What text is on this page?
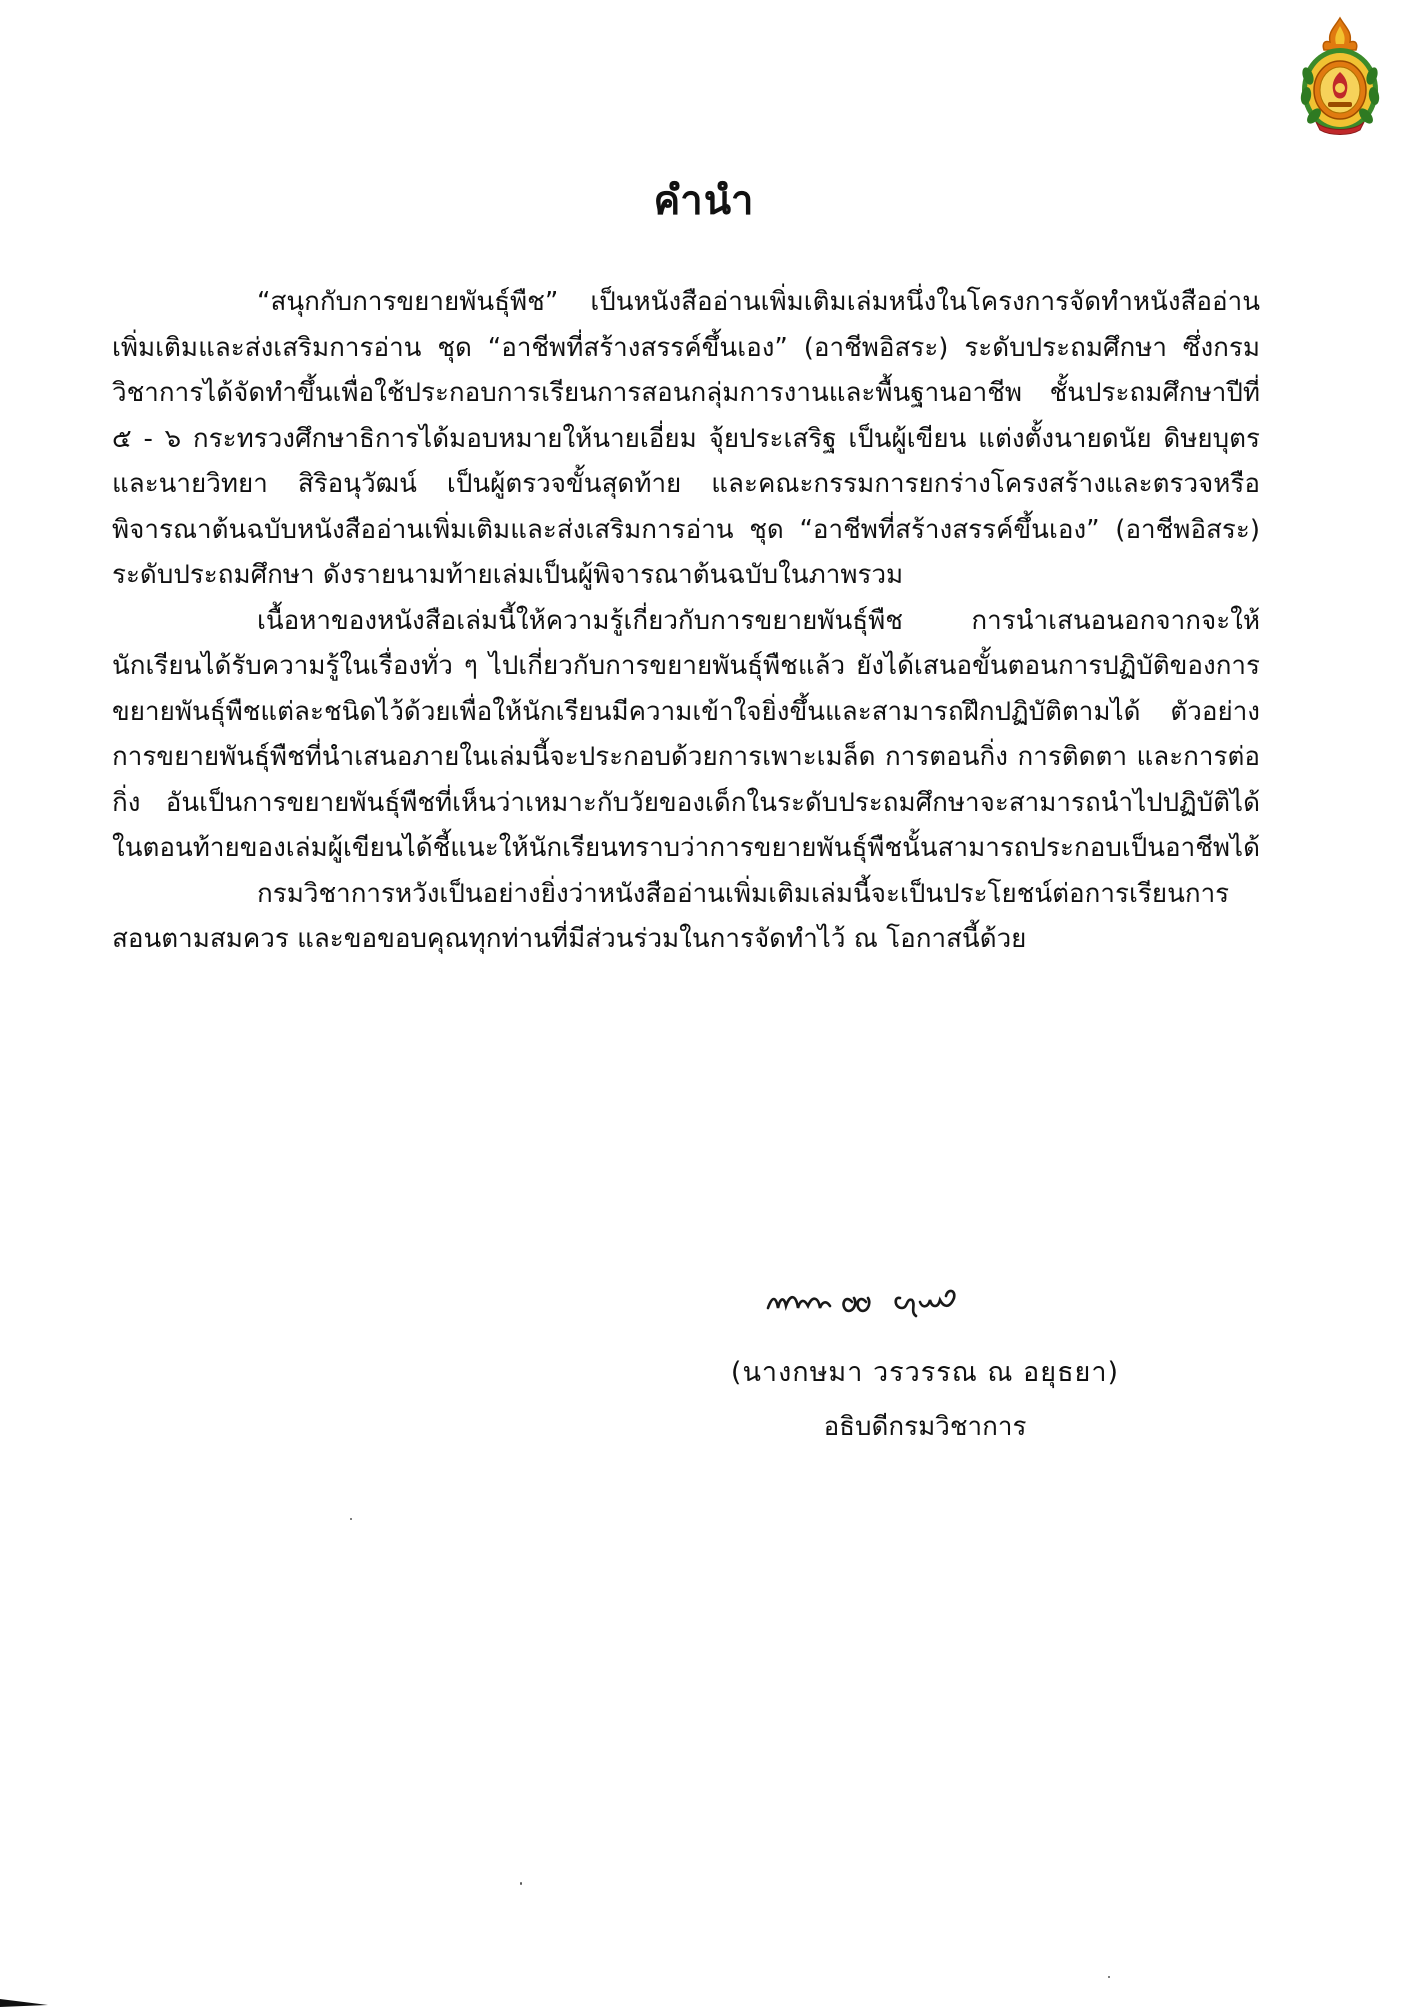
คำนำ

“สนุกกับการขยายพันธุ์พืช” เป็นหนังสืออ่านเพิ่มเติมเล่มหนึ่งในโครงการจัดทำหนังสืออ่านเพิ่มเติมและส่งเสริมการอ่าน ชุด “อาชีพที่สร้างสรรค์ขึ้นเอง” (อาชีพอิสระ) ระดับประถมศึกษา ซึ่งกรมวิชาการได้จัดทำขึ้นเพื่อใช้ประกอบการเรียนการสอนกลุ่มการงานและพื้นฐานอาชีพ ชั้นประถมศึกษาปีที่ ๕ - ๖ กระทรวงศึกษาธิการได้มอบหมายให้นายเอี่ยม จุ้ยประเสริฐ เป็นผู้เขียน แต่งตั้งนายดนัย ดิษยบุตร และนายวิทยา สิริอนุวัฒน์ เป็นผู้ตรวจขั้นสุดท้าย และคณะกรรมการยกร่างโครงสร้างและตรวจหรือพิจารณาต้นฉบับหนังสืออ่านเพิ่มเติมและส่งเสริมการอ่าน ชุด “อาชีพที่สร้างสรรค์ขึ้นเอง” (อาชีพอิสระ) ระดับประถมศึกษา ดังรายนามท้ายเล่มเป็นผู้พิจารณาต้นฉบับในภาพรวม

เนื้อหาของหนังสือเล่มนี้ให้ความรู้เกี่ยวกับการขยายพันธุ์พืช การนำเสนอนอกจากจะให้นักเรียนได้รับความรู้ในเรื่องทั่ว ๆ ไปเกี่ยวกับการขยายพันธุ์พืชแล้ว ยังได้เสนอขั้นตอนการปฏิบัติของการขยายพันธุ์พืชแต่ละชนิดไว้ด้วยเพื่อให้นักเรียนมีความเข้าใจยิ่งขึ้นและสามารถฝึกปฏิบัติตามได้ ตัวอย่างการขยายพันธุ์พืชที่นำเสนอภายในเล่มนี้จะประกอบด้วยการเพาะเมล็ด การตอนกิ่ง การติดตา และการต่อกิ่ง อันเป็นการขยายพันธุ์พืชที่เห็นว่าเหมาะกับวัยของเด็กในระดับประถมศึกษาจะสามารถนำไปปฏิบัติได้ ในตอนท้ายของเล่มผู้เขียนได้ชี้แนะให้นักเรียนทราบว่าการขยายพันธุ์พืชนั้นสามารถประกอบเป็นอาชีพได้

กรมวิชาการหวังเป็นอย่างยิ่งว่าหนังสืออ่านเพิ่มเติมเล่มนี้จะเป็นประโยชน์ต่อการเรียนการสอนตามสมควร และขอขอบคุณทุกท่านที่มีส่วนร่วมในการจัดทำไว้ ณ โอกาสนี้ด้วย

(นางกษมา วรวรรณ ณ อยุธยา)
อธิบดีกรมวิชาการ
